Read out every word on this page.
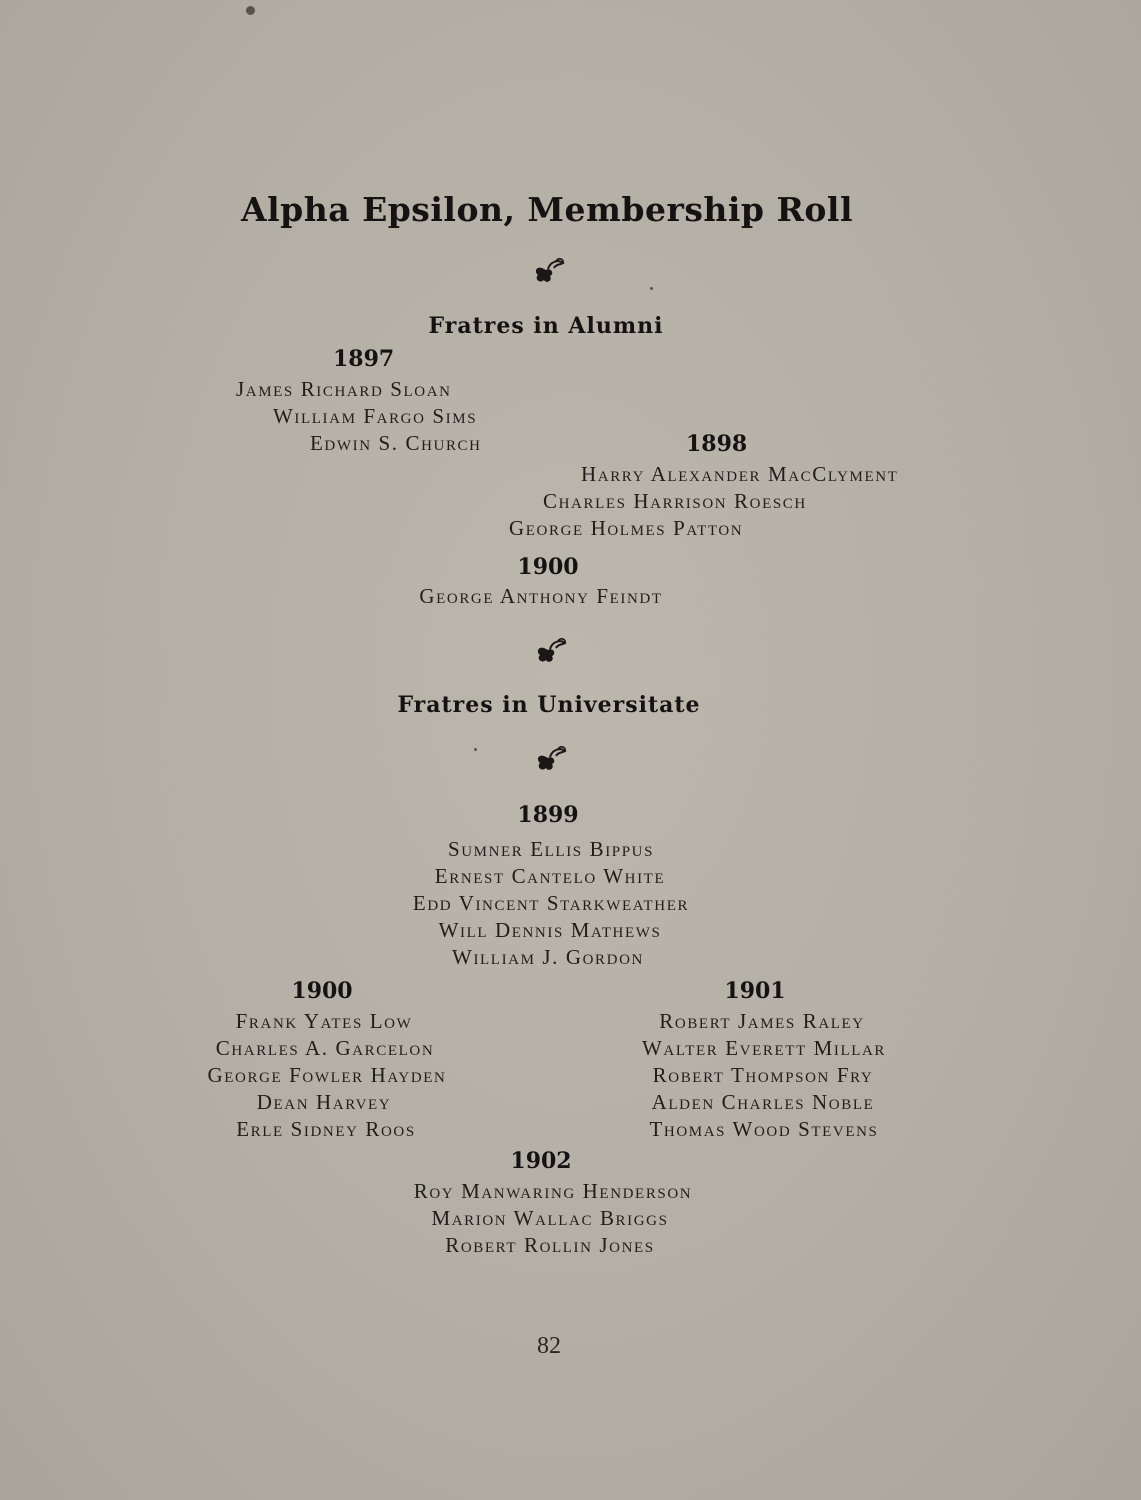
Alpha Epsilon, Membership Roll
Fratres in Alumni
1897
James Richard Sloan
William Fargo Sims
Edwin S. Church	1898
Harry Alexander MacClyment
Charles Harrison Roesch
George Holmes Patton
1900
George Anthony Feindt
Fratres in Universitate
1899
Sumner Ellis Bippus
Ernest Cantelo White
Edd Vincent Starkweather
Will Dennis Mathews
William J. Gordon
1900
Frank Yates Low
Charles A. Garcelon
George Fowler Hayden
Dean Harvey
Erle Sidney Roos
1901
Robert James Raley
Walter Everett Millar
Robert Thompson Fry
Alden Charles Noble
Thomas Wood Stevens
1902
Roy Manwaring Henderson
Marion Wallac Briggs
Robert Rollin Jones
82
